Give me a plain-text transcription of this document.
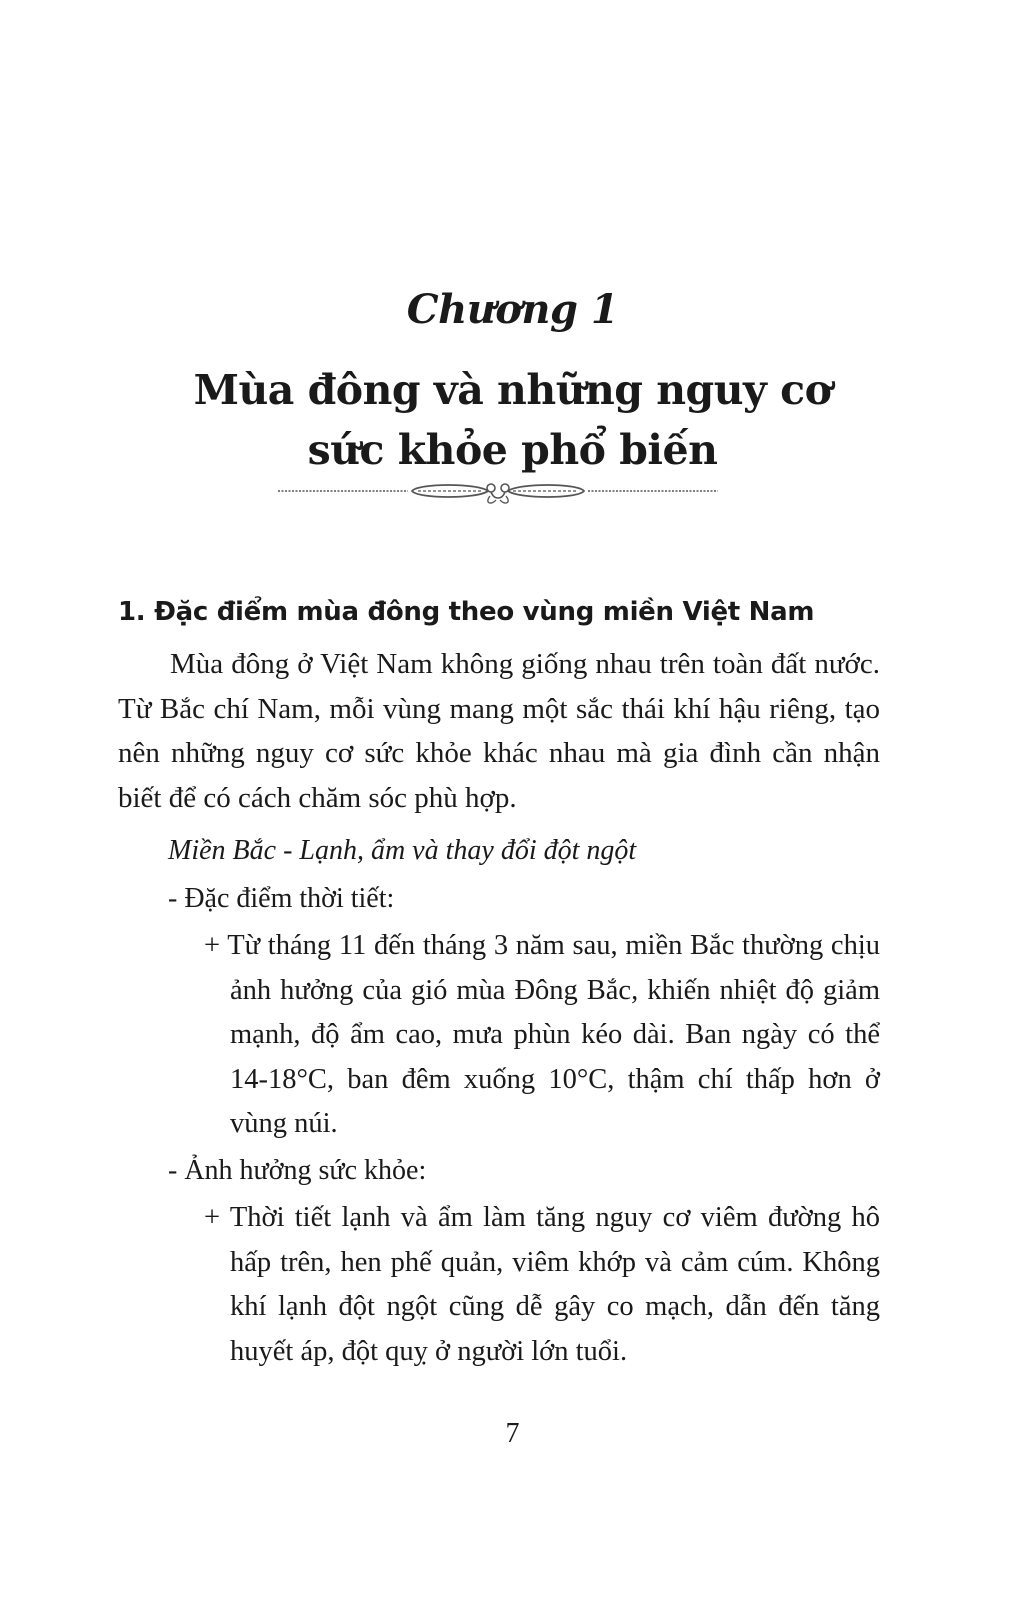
Chương 1
Mùa đông và những nguy cơ
sức khỏe phổ biến
1. Đặc điểm mùa đông theo vùng miền Việt Nam
Mùa đông ở Việt Nam không giống nhau trên toàn đất nước. Từ Bắc chí Nam, mỗi vùng mang một sắc thái khí hậu riêng, tạo nên những nguy cơ sức khỏe khác nhau mà gia đình cần nhận biết để có cách chăm sóc phù hợp.
Miền Bắc - Lạnh, ẩm và thay đổi đột ngột
- Đặc điểm thời tiết:
+ Từ tháng 11 đến tháng 3 năm sau, miền Bắc thường chịu ảnh hưởng của gió mùa Đông Bắc, khiến nhiệt độ giảm mạnh, độ ẩm cao, mưa phùn kéo dài. Ban ngày có thể 14-18°C, ban đêm xuống 10°C, thậm chí thấp hơn ở vùng núi.
- Ảnh hưởng sức khỏe:
+ Thời tiết lạnh và ẩm làm tăng nguy cơ viêm đường hô hấp trên, hen phế quản, viêm khớp và cảm cúm. Không khí lạnh đột ngột cũng dễ gây co mạch, dẫn đến tăng huyết áp, đột quỵ ở người lớn tuổi.
7
